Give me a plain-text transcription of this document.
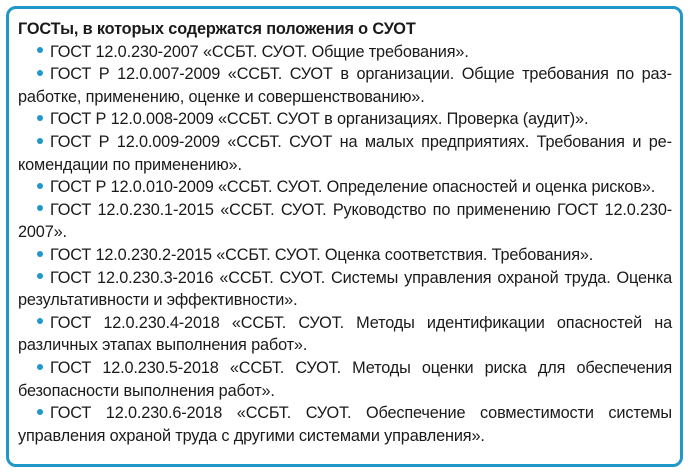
ГОСТы, в которых содержатся положения о СУОТ
ГОСТ 12.0.230-2007 «ССБТ. СУОТ. Общие требования».
ГОСТ Р 12.0.007-2009 «ССБТ. СУОТ в организации. Общие требования по разработке, применению, оценке и совершенствованию».
ГОСТ Р 12.0.008-2009 «ССБТ. СУОТ в организациях. Проверка (аудит)».
ГОСТ Р 12.0.009-2009 «ССБТ. СУОТ на малых предприятиях. Требования и рекомендации по применению».
ГОСТ Р 12.0.010-2009 «ССБТ. СУОТ. Определение опасностей и оценка рисков».
ГОСТ 12.0.230.1-2015 «ССБТ. СУОТ. Руководство по применению ГОСТ 12.0.230-2007».
ГОСТ 12.0.230.2-2015 «ССБТ. СУОТ. Оценка соответствия. Требования».
ГОСТ 12.0.230.3-2016 «ССБТ. СУОТ. Системы управления охраной труда. Оценка результативности и эффективности».
ГОСТ 12.0.230.4-2018 «ССБТ. СУОТ. Методы идентификации опасностей на различных этапах выполнения работ».
ГОСТ 12.0.230.5-2018 «ССБТ. СУОТ. Методы оценки риска для обеспечения безопасности выполнения работ».
ГОСТ 12.0.230.6-2018 «ССБТ. СУОТ. Обеспечение совместимости системы управления охраной труда с другими системами управления».
